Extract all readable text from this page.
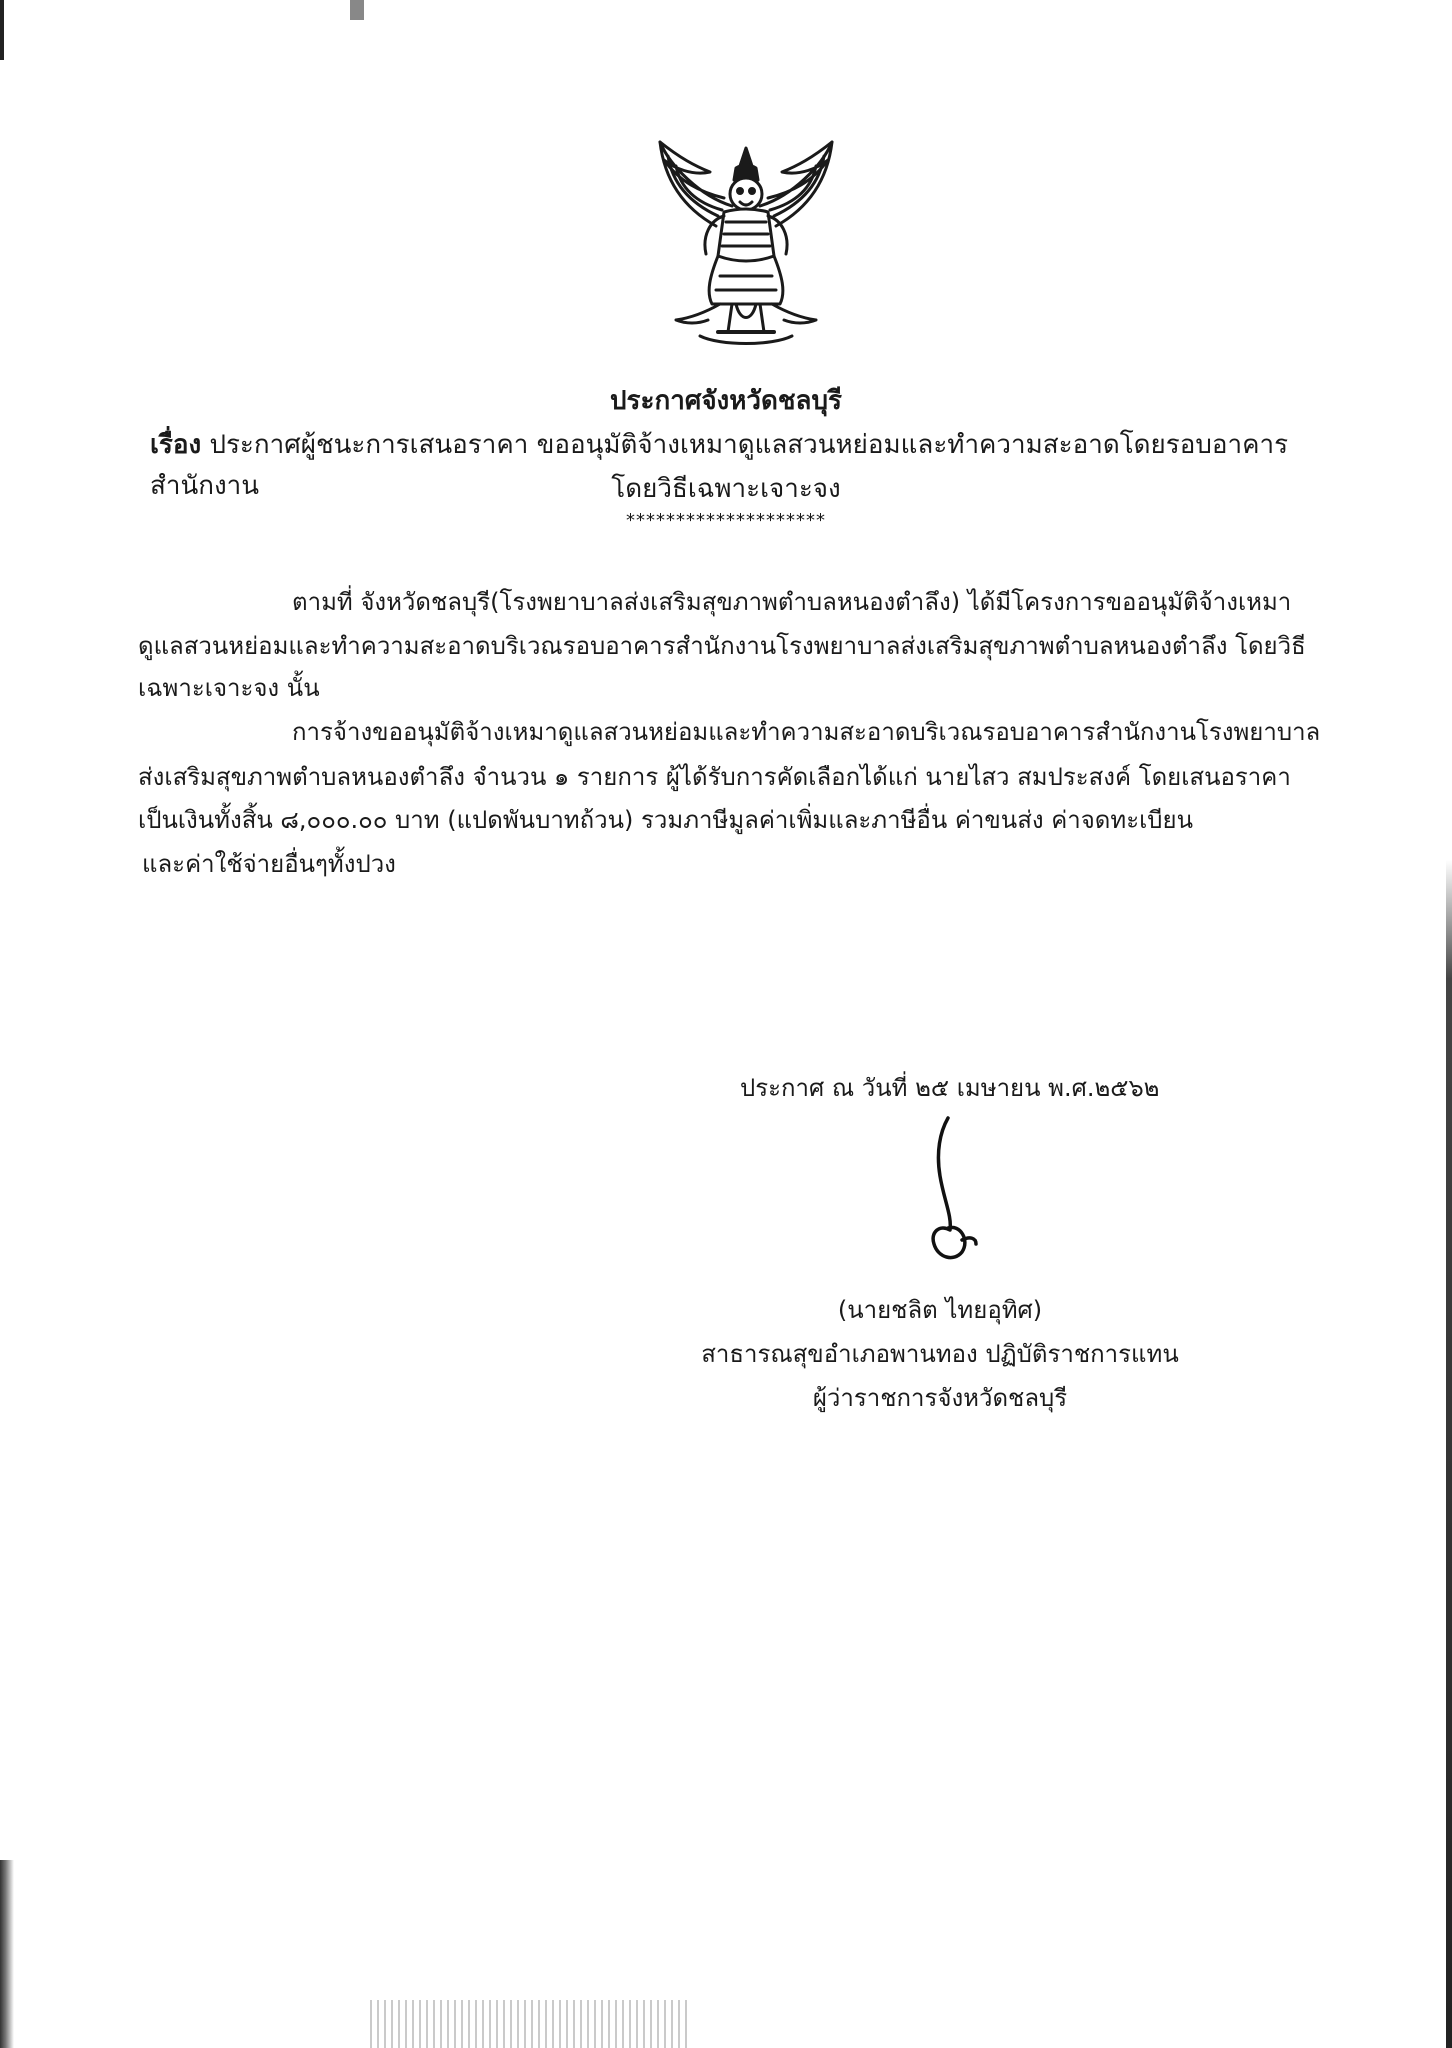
ประกาศจังหวัดชลบุรี
เรื่อง ประกาศผู้ชนะการเสนอราคา ขออนุมัติจ้างเหมาดูแลสวนหย่อมและทำความสะอาดโดยรอบอาคารสำนักงาน	โดยวิธีเฉพาะเจาะจง
********************
ตามที่ จังหวัดชลบุรี(โรงพยาบาลส่งเสริมสุขภาพตำบลหนองตำลึง) ได้มีโครงการขออนุมัติจ้างเหมา
ดูแลสวนหย่อมและทำความสะอาดบริเวณรอบอาคารสำนักงานโรงพยาบาลส่งเสริมสุขภาพตำบลหนองตำลึง โดยวิธี
เฉพาะเจาะจง นั้น
การจ้างขออนุมัติจ้างเหมาดูแลสวนหย่อมและทำความสะอาดบริเวณรอบอาคารสำนักงานโรงพยาบาล
ส่งเสริมสุขภาพตำบลหนองตำลึง จำนวน ๑ รายการ ผู้ได้รับการคัดเลือกได้แก่ นายไสว สมประสงค์ โดยเสนอราคา
เป็นเงินทั้งสิ้น ๘,๐๐๐.๐๐ บาท (แปดพันบาทถ้วน) รวมภาษีมูลค่าเพิ่มและภาษีอื่น ค่าขนส่ง ค่าจดทะเบียน
และค่าใช้จ่ายอื่นๆทั้งปวง
ประกาศ ณ วันที่ ๒๕ เมษายน พ.ศ.๒๕๖๒
(นายชลิต ไทยอุทิศ)
สาธารณสุขอำเภอพานทอง ปฏิบัติราชการแทน
ผู้ว่าราชการจังหวัดชลบุรี
